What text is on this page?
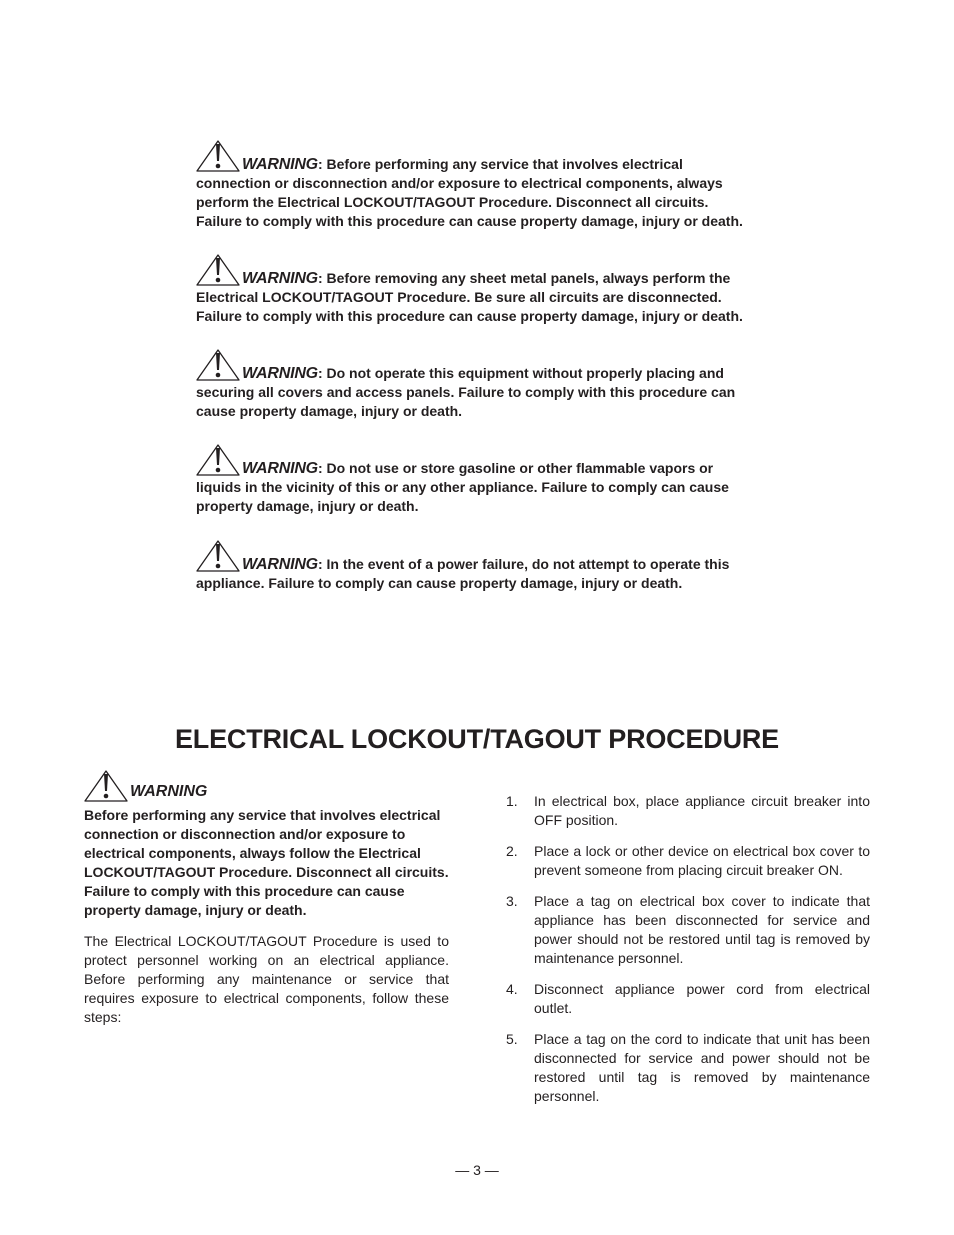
WARNING: Before performing any service that involves electrical connection or disconnection and/or exposure to electrical components, always perform the Electrical LOCKOUT/TAGOUT Procedure. Disconnect all circuits. Failure to comply with this procedure can cause property damage, injury or death.
WARNING: Before removing any sheet metal panels, always perform the Electrical LOCKOUT/TAGOUT Procedure. Be sure all circuits are disconnected. Failure to comply with this procedure can cause property damage, injury or death.
WARNING: Do not operate this equipment without properly placing and securing all covers and access panels. Failure to comply with this procedure can cause property damage, injury or death.
WARNING: Do not use or store gasoline or other flammable vapors or liquids in the vicinity of this or any other appliance. Failure to comply can cause property damage, injury or death.
WARNING: In the event of a power failure, do not attempt to operate this appliance. Failure to comply can cause property damage, injury or death.
ELECTRICAL LOCKOUT/TAGOUT PROCEDURE
WARNING
Before performing any service that involves electrical connection or disconnection and/or exposure to electrical components, always follow the Electrical LOCKOUT/TAGOUT Procedure. Disconnect all circuits. Failure to comply with this procedure can cause property damage, injury or death.
The Electrical LOCKOUT/TAGOUT Procedure is used to protect personnel working on an electrical appliance. Before performing any maintenance or service that requires exposure to electrical components, follow these steps:
1.	In electrical box, place appliance circuit breaker into OFF position.
2.	Place a lock or other device on electrical box cover to prevent someone from placing circuit breaker ON.
3.	Place a tag on electrical box cover to indicate that appliance has been disconnected for service and power should not be restored until tag is removed by maintenance personnel.
4.	Disconnect appliance power cord from electrical outlet.
5.	Place a tag on the cord to indicate that unit has been disconnected for service and power should not be restored until tag is removed by maintenance personnel.
— 3 —
